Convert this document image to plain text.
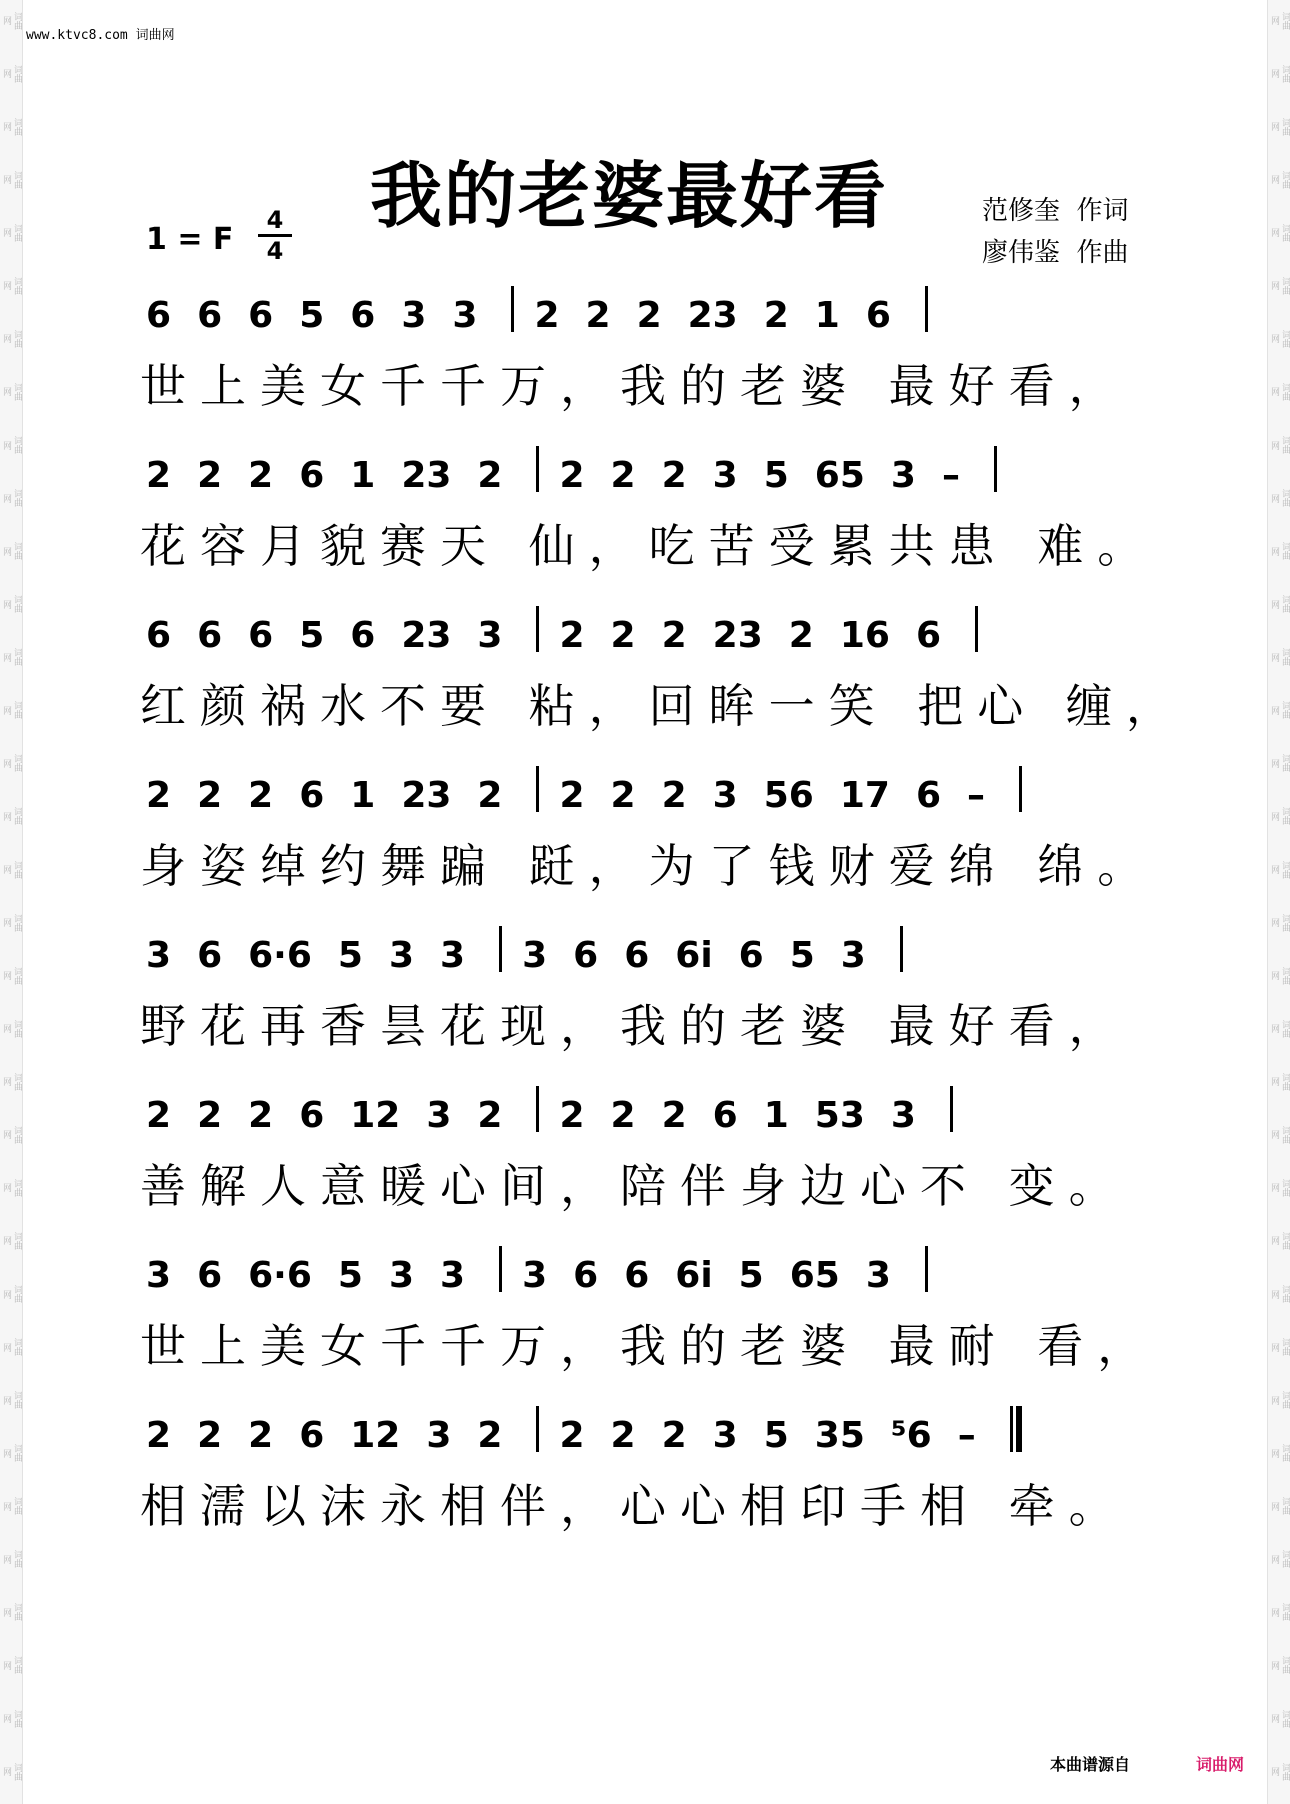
词曲网
词曲网
词曲网
词曲网
词曲网
词曲网
词曲网
词曲网
词曲网
词曲网
词曲网
词曲网
词曲网
词曲网
词曲网
词曲网
词曲网
词曲网
词曲网
词曲网
词曲网
词曲网
词曲网
词曲网
词曲网
词曲网
词曲网
词曲网
词曲网
词曲网
词曲网
词曲网
词曲网
词曲网
词曲网
词曲网
词曲网
词曲网
词曲网
词曲网
词曲网
词曲网
词曲网
词曲网
词曲网
词曲网
词曲网
词曲网
词曲网
词曲网
词曲网
词曲网
词曲网
词曲网
词曲网
词曲网
词曲网
词曲网
词曲网
词曲网
词曲网
词曲网
词曲网
词曲网
词曲网
词曲网
词曲网
词曲网
www.ktvc8.com 词曲网
我的老婆最好看	范修奎  作词
廖伟鉴  作曲
1 = F
4
4
6 6 6 5 6 3 3 2 2 2 23 2 1 6
世上美女千千万，我的老婆 最好看，
2 2 2 6 1 23 2 2 2 2 3 5 65 3 –
花容月貌赛天 仙，吃苦受累共患 难。
6 6 6 5 6 23 3 2 2 2 23 2 16 6
红颜祸水不要 粘，回眸一笑 把心 缠，
2 2 2 6 1 23 2 2 2 2 3 56 17 6 –
身姿绰约舞蹁 跹，为了钱财爱绵 绵。
3 6 6·6 5 3 3 3 6 6 6i 6 5 3
野花再香昙花现，我的老婆 最好看，
2 2 2 6 12 3 2 2 2 2 6 1 53 3
善解人意暖心间，陪伴身边心不 变。
3 6 6·6 5 3 3 3 6 6 6i 5 65 3
世上美女千千万，我的老婆 最耐 看，
2 2 2 6 12 3 2 2 2 2 3 5 35 ⁵6 –
相濡以沫永相伴，心心相印手相 牵。
本曲谱源自	词曲网
